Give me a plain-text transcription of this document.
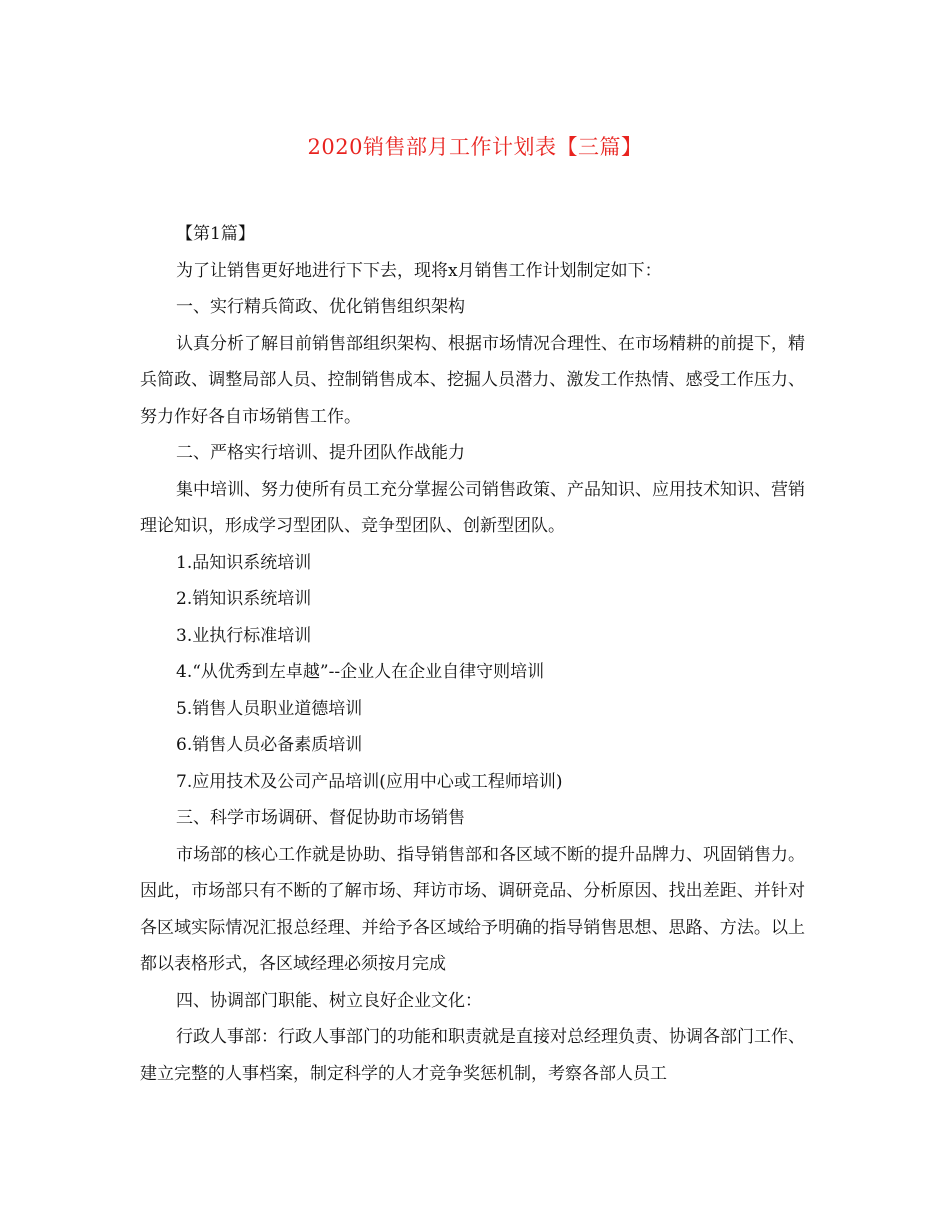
2020销售部月工作计划表【三篇】

【第1篇】

为了让销售更好地进行下下去，现将x月销售工作计划制定如下：

一、实行精兵简政、优化销售组织架构

认真分析了解目前销售部组织架构、根据市场情况合理性、在市场精耕的前提下，精兵简政、调整局部人员、控制销售成本、挖掘人员潜力、激发工作热情、感受工作压力、努力作好各自市场销售工作。

二、严格实行培训、提升团队作战能力

集中培训、努力使所有员工充分掌握公司销售政策、产品知识、应用技术知识、营销理论知识，形成学习型团队、竞争型团队、创新型团队。

1.品知识系统培训

2.销知识系统培训

3.业执行标准培训

4.“从优秀到左卓越”--企业人在企业自律守则培训

5.销售人员职业道德培训

6.销售人员必备素质培训

7.应用技术及公司产品培训(应用中心或工程师培训)

三、科学市场调研、督促协助市场销售

市场部的核心工作就是协助、指导销售部和各区域不断的提升品牌力、巩固销售力。因此，市场部只有不断的了解市场、拜访市场、调研竞品、分析原因、找出差距、并针对各区域实际情况汇报总经理、并给予各区域给予明确的指导销售思想、思路、方法。以上都以表格形式，各区域经理必须按月完成

四、协调部门职能、树立良好企业文化：

行政人事部：行政人事部门的功能和职责就是直接对总经理负责、协调各部门工作、建立完整的人事档案，制定科学的人才竞争奖惩机制，考察各部人员工
